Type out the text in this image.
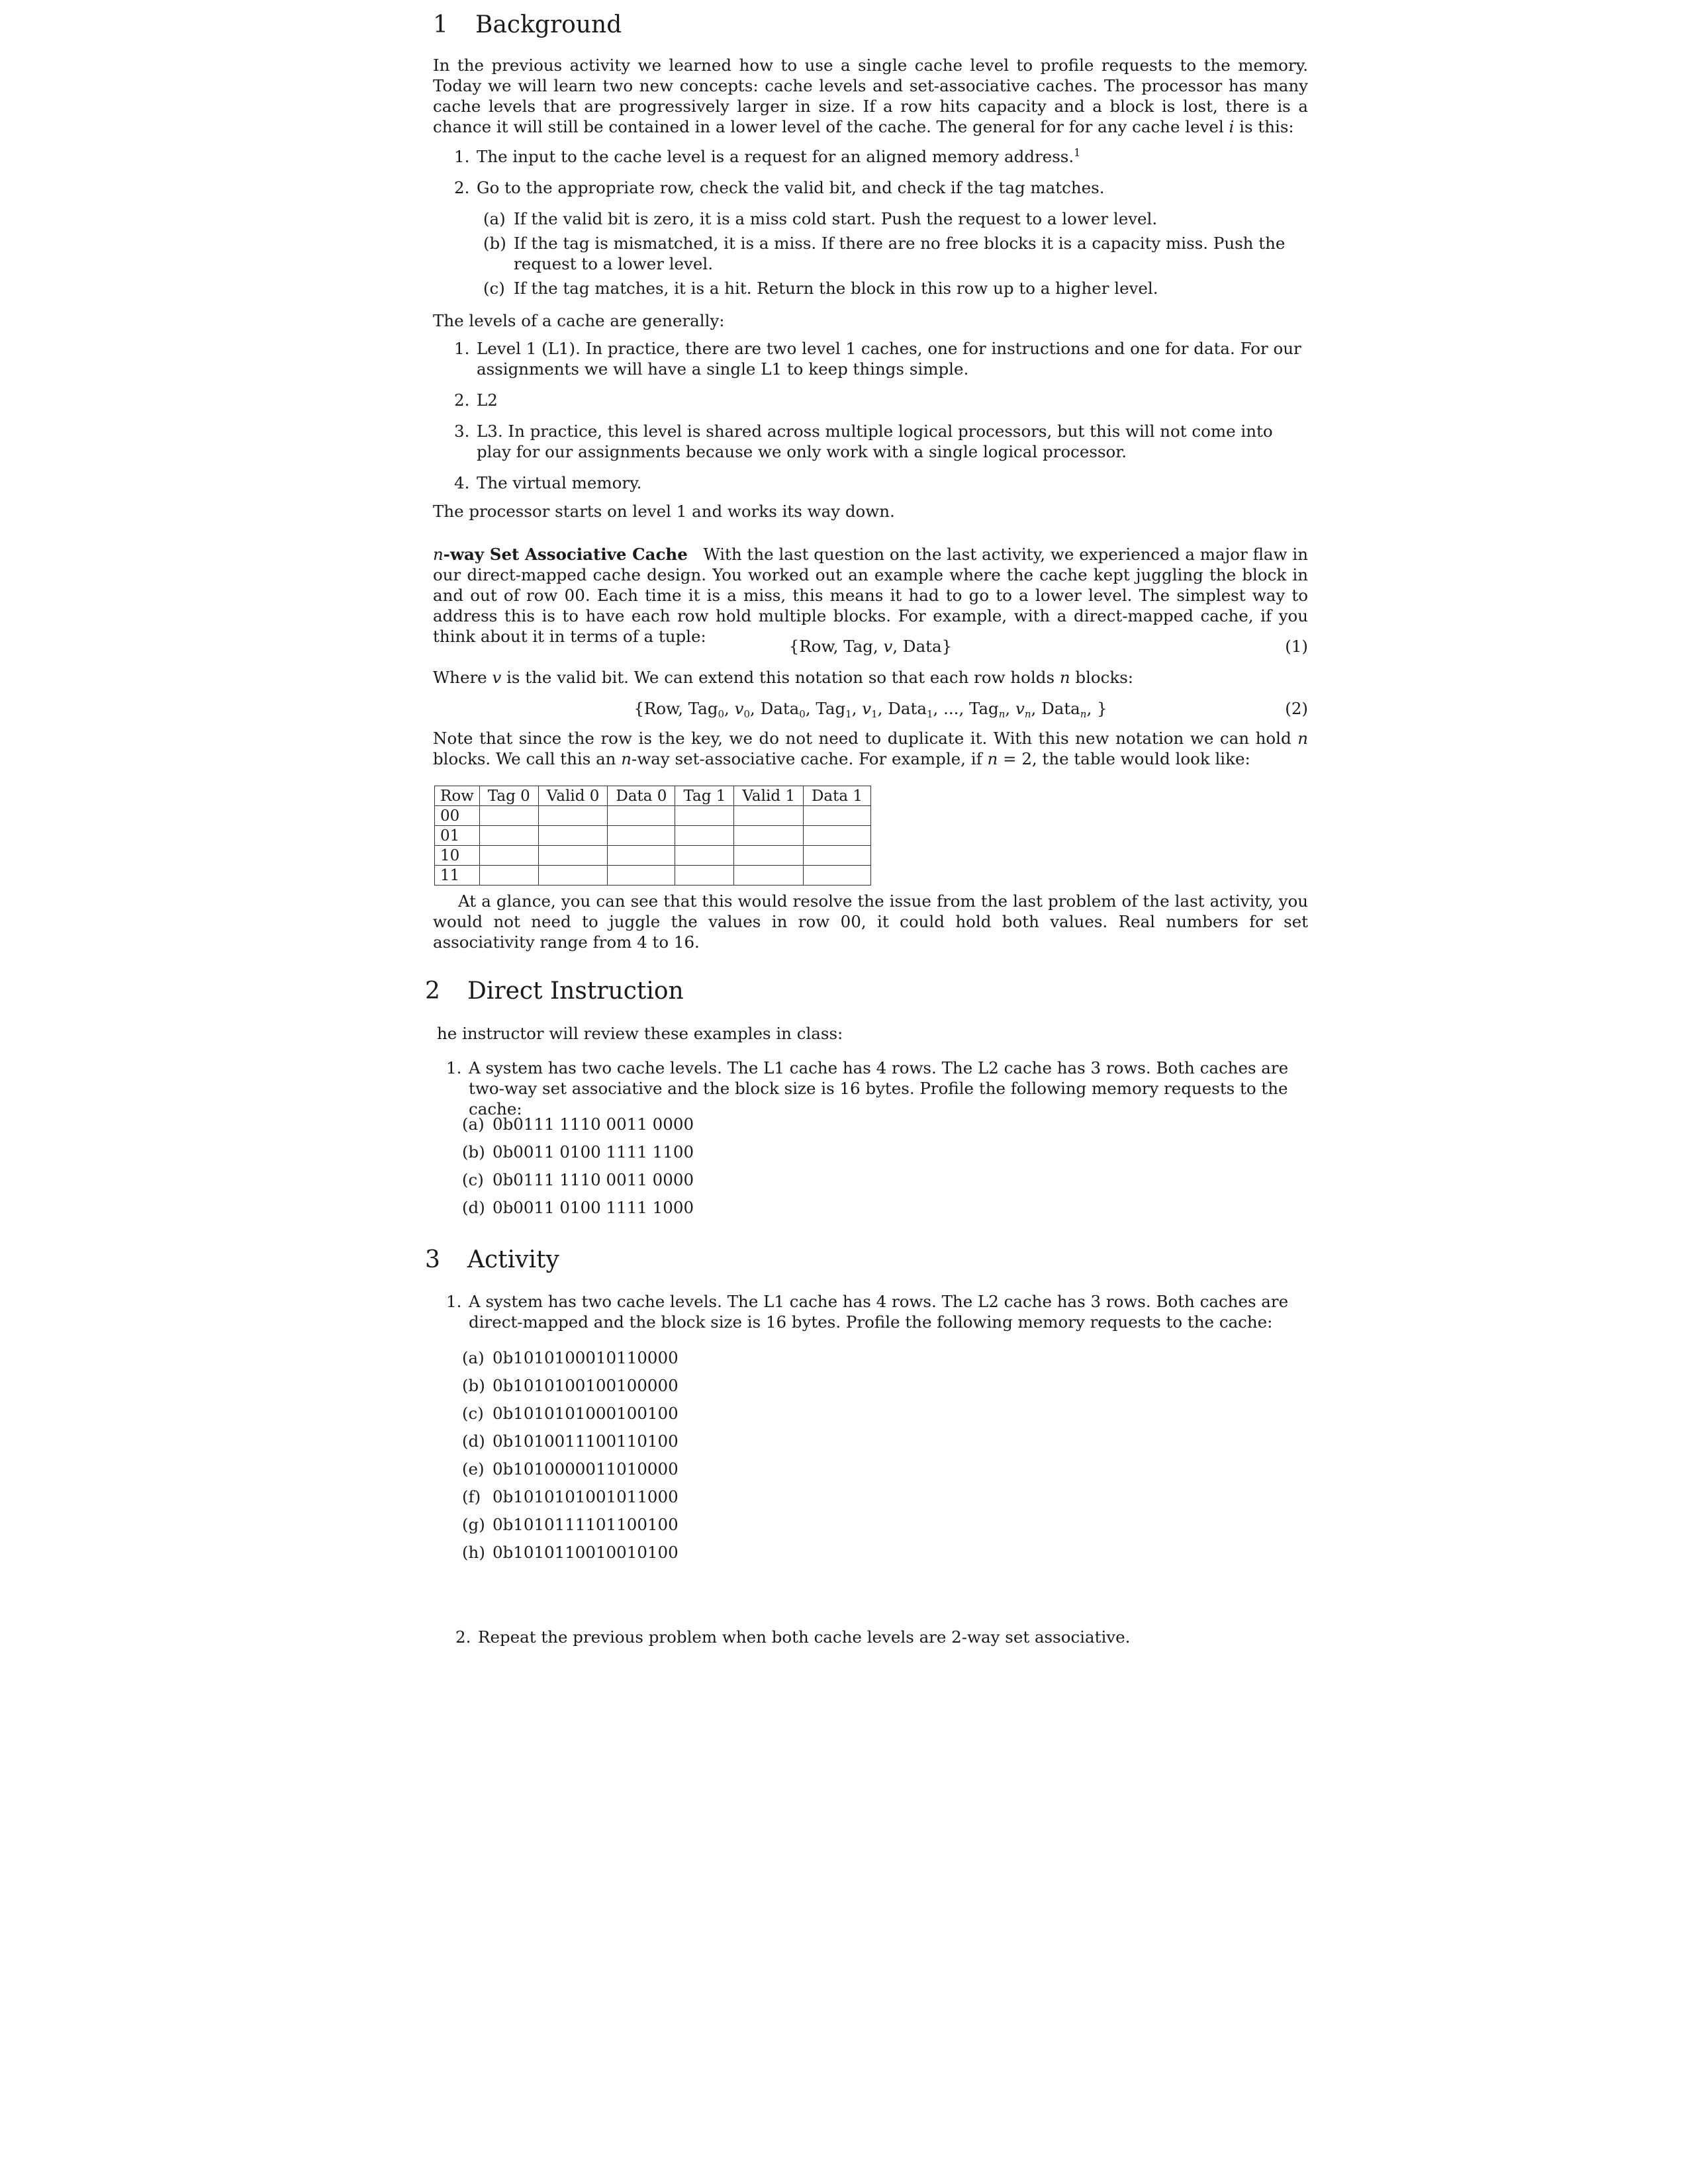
1 Background

In the previous activity we learned how to use a single cache level to profile requests to the memory. Today we will learn two new concepts: cache levels and set-associative caches. The processor has many cache levels that are progressively larger in size. If a row hits capacity and a block is lost, there is a chance it will still be contained in a lower level of the cache. The general for for any cache level i is this:

1. The input to the cache level is a request for an aligned memory address.$^1$
2. Go to the appropriate row, check the valid bit, and check if the tag matches.
(a) If the valid bit is zero, it is a miss cold start. Push the request to a lower level.
(b) If the tag is mismatched, it is a miss. If there are no free blocks it is a capacity miss. Push the request to a lower level.
(c) If the tag matches, it is a hit. Return the block in this row up to a higher level.

The levels of a cache are generally:

1. Level 1 (L1). In practice, there are two level 1 caches, one for instructions and one for data. For our assignments we will have a single L1 to keep things simple.
2. L2
3. L3. In practice, this level is shared across multiple logical processors, but this will not come into play for our assignments because we only work with a single logical processor.
4. The virtual memory.

The processor starts on level 1 and works its way down.

n-way Set Associative Cache With the last question on the last activity, we experienced a major flaw in our direct-mapped cache design. You worked out an example where the cache kept juggling the block in and out of row 00. Each time it is a miss, this means it had to go to a lower level. The simplest way to address this is to have each row hold multiple blocks. For example, with a direct-mapped cache, if you think about it in terms of a tuple:

{Row, Tag, v, Data}	(1)

Where v is the valid bit. We can extend this notation so that each row holds n blocks:

{Row, Tag$_0$, $v_0$, Data$_0$, Tag$_1$, $v_1$, Data$_1$, ..., Tag$_n$, $v_n$, Data$_n$, }	(2)

Note that since the row is the key, we do not need to duplicate it. With this new notation we can hold n blocks. We call this an n-way set-associative cache. For example, if n = 2, the table would look like:

Row	Tag 0	Valid 0	Data 0	Tag 1	Valid 1	Data 1
00						
01						
10						
11						

At a glance, you can see that this would resolve the issue from the last problem of the last activity, you would not need to juggle the values in row 00, it could hold both values. Real numbers for set associativity range from 4 to 16.

2 Direct Instruction

he instructor will review these examples in class:

1. A system has two cache levels. The L1 cache has 4 rows. The L2 cache has 3 rows. Both caches are two-way set associative and the block size is 16 bytes. Profile the following memory requests to the cache:
(a) 0b0111 1110 0011 0000
(b) 0b0011 0100 1111 1100
(c) 0b0111 1110 0011 0000
(d) 0b0011 0100 1111 1000
3 Activity
1. A system has two cache levels. The L1 cache has 4 rows. The L2 cache has 3 rows. Both caches are direct-mapped and the block size is 16 bytes. Profile the following memory requests to the cache:
(a) 0b1010100010110000
(b) 0b1010100100100000
(c) 0b1010101000100100
(d) 0b1010011100110100
(e) 0b1010000011010000
(f) 0b1010101001011000
(g) 0b1010111101100100
(h) 0b1010110010010100
2. Repeat the previous problem when both cache levels are 2-way set associative.
